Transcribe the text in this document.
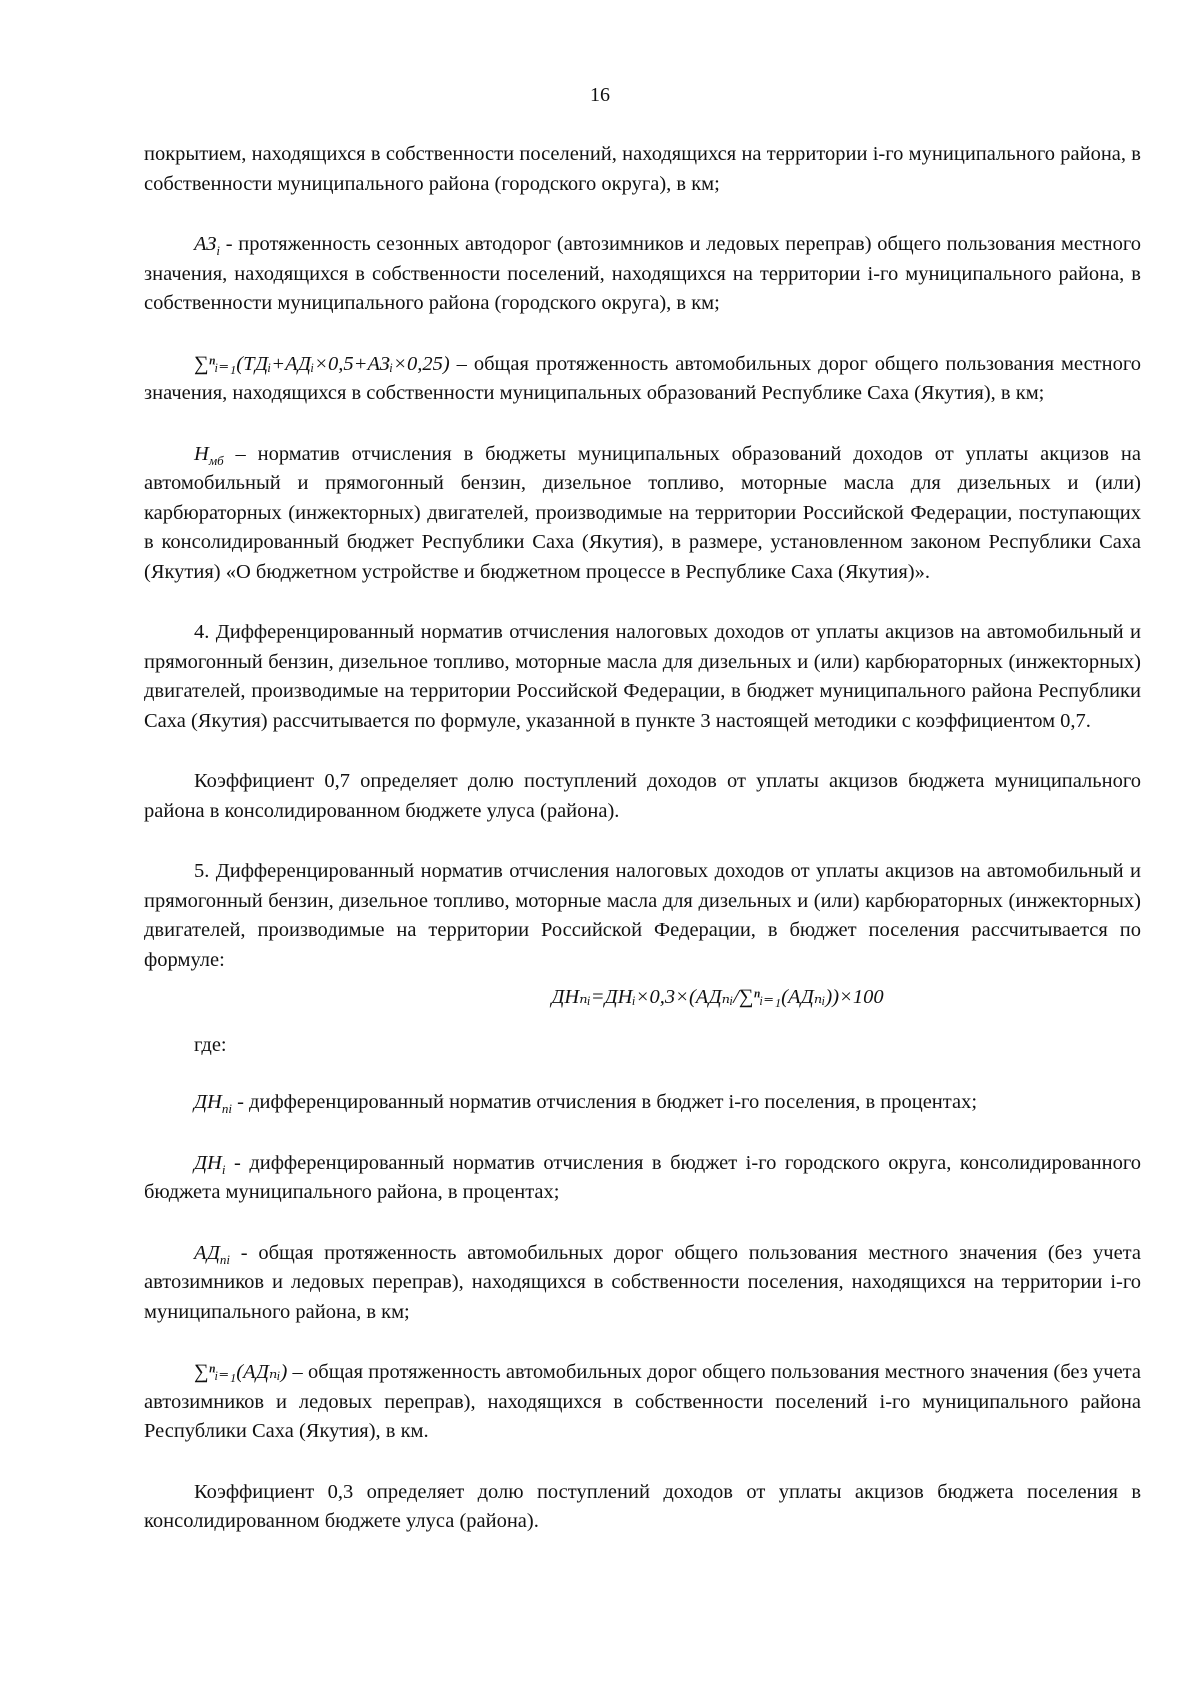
16

покрытием, находящихся в собственности поселений, находящихся на территории i-го муниципального района, в собственности муниципального района (городского округа), в км;

$АЗ_i$ - протяженность сезонных автодорог (автозимников и ледовых переправ) общего пользования местного значения, находящихся в собственности поселений, находящихся на территории i-го муниципального района, в собственности муниципального района (городского округа), в км;

∑ⁿᵢ₌₁(ТДᵢ+АДᵢ×0,5+АЗᵢ×0,25) – общая протяженность автомобильных дорог общего пользования местного значения, находящихся в собственности муниципальных образований Республике Саха (Якутия), в км;

$Н_{мб}$ – норматив отчисления в бюджеты муниципальных образований доходов от уплаты акцизов на автомобильный и прямогонный бензин, дизельное топливо, моторные масла для дизельных и (или) карбюраторных (инжекторных) двигателей, производимые на территории Российской Федерации, поступающих в консолидированный бюджет Республики Саха (Якутия), в размере, установленном законом Республики Саха (Якутия) «О бюджетном устройстве и бюджетном процессе в Республике Саха (Якутия)».

4. Дифференцированный норматив отчисления налоговых доходов от уплаты акцизов на автомобильный и прямогонный бензин, дизельное топливо, моторные масла для дизельных и (или) карбюраторных (инжекторных) двигателей, производимые на территории Российской Федерации, в бюджет муниципального района Республики Саха (Якутия) рассчитывается по формуле, указанной в пункте 3 настоящей методики с коэффициентом 0,7.

Коэффициент 0,7 определяет долю поступлений доходов от уплаты акцизов бюджета муниципального района в консолидированном бюджете улуса (района).

5. Дифференцированный норматив отчисления налоговых доходов от уплаты акцизов на автомобильный и прямогонный бензин, дизельное топливо, моторные масла для дизельных и (или) карбюраторных (инжекторных) двигателей, производимые на территории Российской Федерации, в бюджет поселения рассчитывается по формуле:

ДНₙᵢ=ДНᵢ×0,3×(АДₙᵢ/∑ⁿᵢ₌₁(АДₙᵢ))×100

где:

$ДН_{ni}$ - дифференцированный норматив отчисления в бюджет i-го поселения, в процентах;

$ДН_i$ - дифференцированный норматив отчисления в бюджет i-го городского округа, консолидированного бюджета муниципального района, в процентах;

$АД_{ni}$ - общая протяженность автомобильных дорог общего пользования местного значения (без учета автозимников и ледовых переправ), находящихся в собственности поселения, находящихся на территории i-го муниципального района, в км;

∑ⁿᵢ₌₁(АДₙᵢ) – общая протяженность автомобильных дорог общего пользования местного значения (без учета автозимников и ледовых переправ), находящихся в собственности поселений i-го муниципального района Республики Саха (Якутия), в км.

Коэффициент 0,3 определяет долю поступлений доходов от уплаты акцизов бюджета поселения в консолидированном бюджете улуса (района).
